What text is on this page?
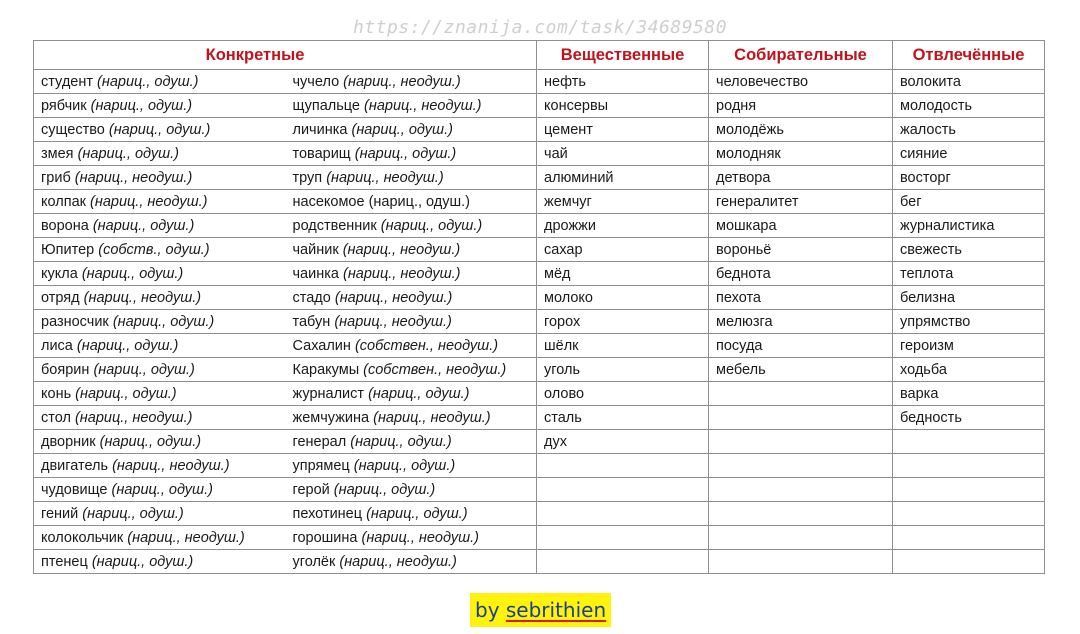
https://znanija.com/task/34689580
Конкретные		Вещественные	Собирательные	Отвлечённые
студент (нариц., одуш.)	чучело (нариц., неодуш.)	нефть	человечество	волокита
рябчик (нариц., одуш.)	щупальце (нариц., неодуш.)	консервы	родня	молодость
существо (нариц., одуш.)	личинка (нариц., одуш.)	цемент	молодёжь	жалость
змея (нариц., одуш.)	товарищ (нариц., одуш.)	чай	молодняк	сияние
гриб (нариц., неодуш.)	труп (нариц., неодуш.)	алюминий	детвора	восторг
колпак (нариц., неодуш.)	насекомое (нариц., одуш.)	жемчуг	генералитет	бег
ворона (нариц., одуш.)	родственник (нариц., одуш.)	дрожжи	мошкара	журналистика
Юпитер (собств., одуш.)	чайник (нариц., неодуш.)	сахар	вороньё	свежесть
кукла (нариц., одуш.)	чаинка (нариц., неодуш.)	мёд	беднота	теплота
отряд (нариц., неодуш.)	стадо (нариц., неодуш.)	молоко	пехота	белизна
разносчик (нариц., одуш.)	табун (нариц., неодуш.)	горох	мелюзга	упрямство
лиса (нариц., одуш.)	Сахалин (собствен., неодуш.)	шёлк	посуда	героизм
боярин (нариц., одуш.)	Каракумы (собствен., неодуш.)	уголь	мебель	ходьба
конь (нариц., одуш.)	журналист (нариц., одуш.)	олово		варка
стол (нариц., неодуш.)	жемчужина (нариц., неодуш.)	сталь		бедность
дворник (нариц., одуш.)	генерал (нариц., одуш.)	дух		
двигатель (нариц., неодуш.)	упрямец (нариц., одуш.)			
чудовище (нариц., одуш.)	герой (нариц., одуш.)			
гений (нариц., одуш.)	пехотинец (нариц., одуш.)			
колокольчик (нариц., неодуш.)	горошина (нариц., неодуш.)			
птенец (нариц., одуш.)	уголёк (нариц., неодуш.)			
by sebrithien
